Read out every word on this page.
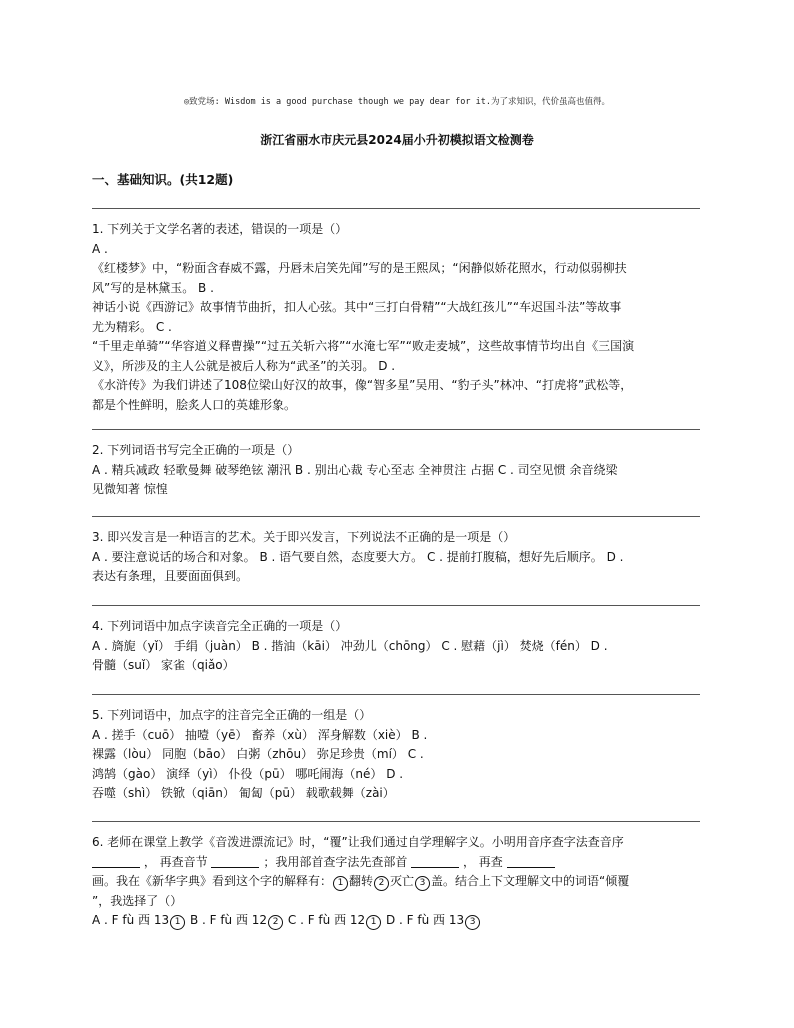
◎致党场: Wisdom is a good purchase though we pay dear for it.为了求知识，代价虽高也值得。
浙江省丽水市庆元县2024届小升初模拟语文检测卷
一、基础知识。(共12题)

1. 下列关于文学名著的表述，错误的一项是（）

A .

《红楼梦》中，“粉面含春威不露，丹唇未启笑先闻”写的是王熙凤；“闲静似娇花照水，行动似弱柳扶

风”写的是林黛玉。 B .

神话小说《西游记》故事情节曲折，扣人心弦。其中“三打白骨精”“大战红孩儿”“车迟国斗法”等故事

尤为精彩。 C .

“千里走单骑”“华容道义释曹操”“过五关斩六将”“水淹七军”“败走麦城”，这些故事情节均出自《三国演

义》，所涉及的主人公就是被后人称为“武圣”的关羽。 D .

《水浒传》为我们讲述了108位梁山好汉的故事，像“智多星”吴用、“豹子头”林冲、“打虎将”武松等，

都是个性鲜明，脍炙人口的英雄形象。

2. 下列词语书写完全正确的一项是（）

A . 精兵减政 轻歌曼舞 破琴绝铉 潮汛 B . 别出心裁 专心至志 全神贯注 占据 C . 司空见惯 余音绕梁

见微知著 惊惶

3. 即兴发言是一种语言的艺术。关于即兴发言，下列说法不正确的是一项是（）

A . 要注意说话的场合和对象。 B . 语气要自然，态度要大方。 C . 提前打腹稿，想好先后顺序。 D .

表达有条理，且要面面俱到。

4. 下列词语中加点字读音完全正确的一项是（）

A . 旖旎（yǐ） 手绢（juàn） B . 揩油（kāi） 冲劲儿（chōng） C . 慰藉（jì） 焚烧（fén） D .

骨髓（suǐ） 家雀（qiǎo）

5. 下列词语中，加点字的注音完全正确的一组是（）

A . 搓手（cuō） 抽噎（yē） 畜养（xù） 浑身解数（xiè） B .

裸露（lòu） 同胞（bāo） 白粥（zhōu） 弥足珍贵（mí） C .

鸿鹄（gào） 演绎（yì） 仆役（pū） 哪吒闹海（né） D .

吞噬（shì） 铁锨（qiān） 匍匐（pū） 载歌载舞（zài）

6. 老师在课堂上教学《音泼进漂流记》时，“覆”让我们通过自学理解字义。小明用音序查字法查音序

， 再查音节	；我用部首查字法先查部首	， 再查

画。我在《新华字典》看到这个字的解释有： 1 翻转 2 灭亡 3 盖。结合上下文理解文中的词语“倾覆

”，我选择了（）

A . F fù 西 13 1 B . F fù 西 12 2 C . F fù 西 12 1 D . F fù 西 13 3
